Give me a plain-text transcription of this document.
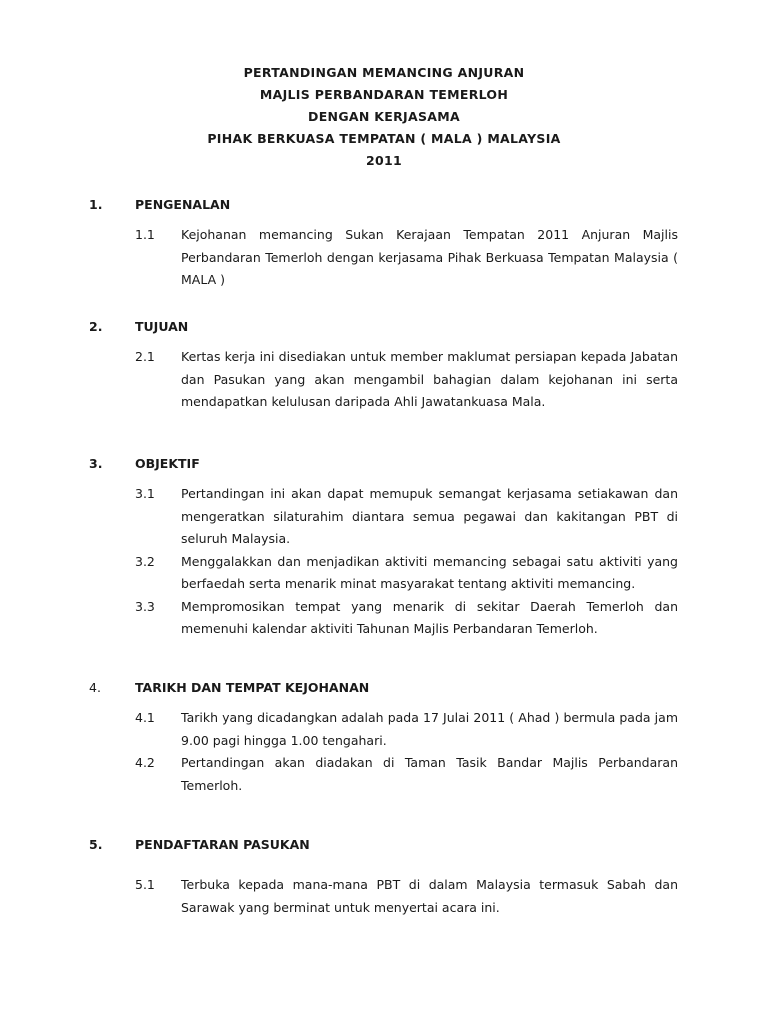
PERTANDINGAN MEMANCING ANJURAN
MAJLIS PERBANDARAN TEMERLOH
DENGAN KERJASAMA
PIHAK BERKUASA TEMPATAN ( MALA ) MALAYSIA
2011
1.	PENGENALAN
1.1 Kejohanan memancing Sukan Kerajaan Tempatan 2011 Anjuran Majlis Perbandaran Temerloh dengan kerjasama Pihak Berkuasa Tempatan Malaysia ( MALA )
2.	TUJUAN
2.1 Kertas kerja ini disediakan untuk member maklumat persiapan kepada Jabatan dan Pasukan yang akan mengambil bahagian dalam kejohanan ini serta mendapatkan kelulusan daripada Ahli Jawatankuasa Mala.
3.	OBJEKTIF
3.1 Pertandingan ini akan dapat memupuk semangat kerjasama setiakawan dan mengeratkan silaturahim diantara semua pegawai dan kakitangan PBT di seluruh Malaysia.
3.2 Menggalakkan dan menjadikan aktiviti memancing sebagai satu aktiviti yang berfaedah serta menarik minat masyarakat tentang aktiviti memancing.
3.3 Mempromosikan tempat yang menarik di sekitar Daerah Temerloh dan memenuhi kalendar aktiviti Tahunan Majlis Perbandaran Temerloh.
4.	TARIKH DAN TEMPAT KEJOHANAN
4.1 Tarikh yang dicadangkan adalah pada 17 Julai 2011 ( Ahad ) bermula pada jam 9.00 pagi hingga 1.00 tengahari.
4.2 Pertandingan akan diadakan di Taman Tasik Bandar Majlis Perbandaran Temerloh.
5.	PENDAFTARAN PASUKAN
5.1 Terbuka kepada mana-mana PBT di dalam Malaysia termasuk Sabah dan Sarawak yang berminat untuk menyertai acara ini.
